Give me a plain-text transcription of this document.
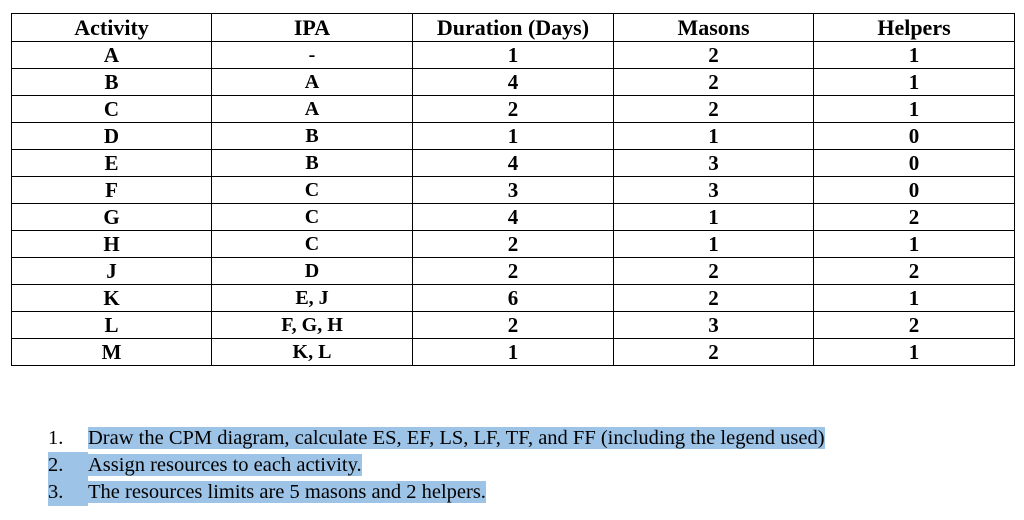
Activity	IPA	Duration (Days)	Masons	Helpers
A	-	1	2	1
B	A	4	2	1
C	A	2	2	1
D	B	1	1	0
E	B	4	3	0
F	C	3	3	0
G	C	4	1	2
H	C	2	1	1
J	D	2	2	2
K	E, J	6	2	1
L	F, G, H	2	3	2
M	K, L	1	2	1
1. Draw the CPM diagram, calculate ES, EF, LS, LF, TF, and FF (including the legend used)
2. Assign resources to each activity.
3. The resources limits are 5 masons and 2 helpers.
